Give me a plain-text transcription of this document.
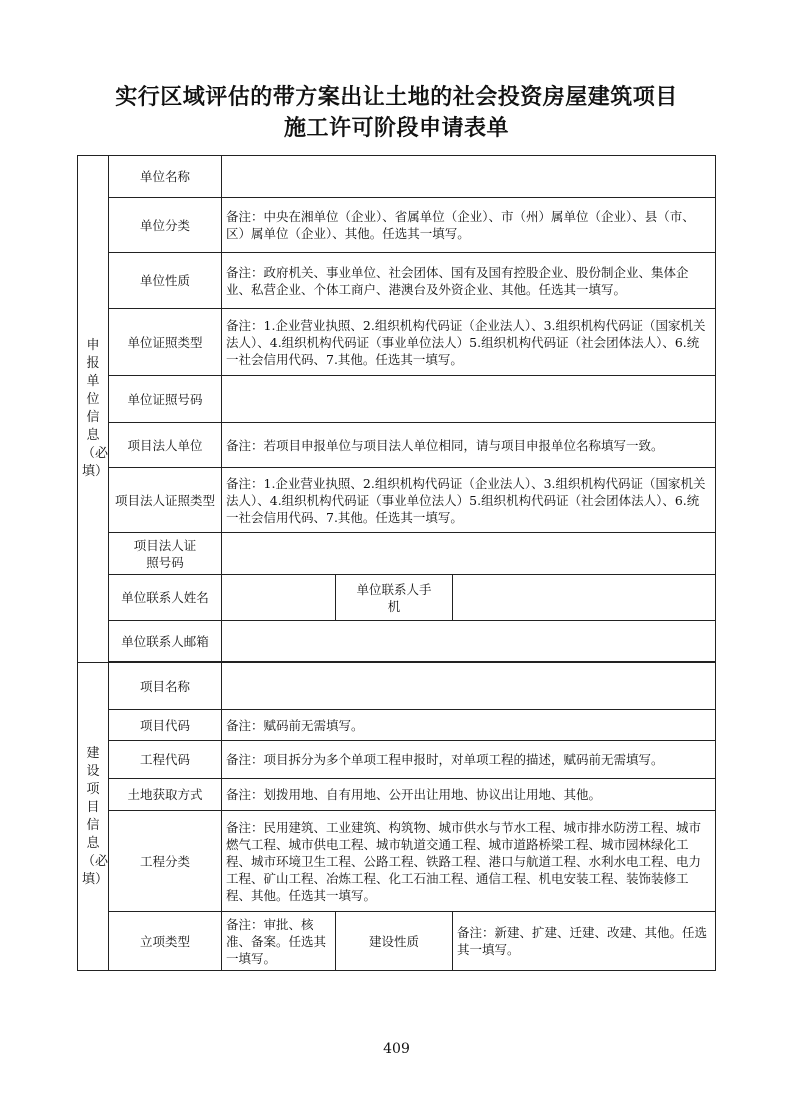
实行区域评估的带方案出让土地的社会投资房屋建筑项目
施工许可阶段申请表单
申报单位信息（必填）	单位名称			
	单位分类	备注：中央在湘单位（企业）、省属单位（企业）、市（州）属单位（企业）、县（市、区）属单位（企业）、其他。任选其一填写。		
	单位性质	备注：政府机关、事业单位、社会团体、国有及国有控股企业、股份制企业、集体企业、私营企业、个体工商户、港澳台及外资企业、其他。任选其一填写。		
	单位证照类型	备注：1.企业营业执照、2.组织机构代码证（企业法人）、3.组织机构代码证（国家机关法人）、4.组织机构代码证（事业单位法人）5.组织机构代码证（社会团体法人）、6.统一社会信用代码、7.其他。任选其一填写。		
	单位证照号码			
	项目法人单位	备注：若项目申报单位与项目法人单位相同，请与项目申报单位名称填写一致。		
	项目法人证照类型	备注：1.企业营业执照、2.组织机构代码证（企业法人）、3.组织机构代码证（国家机关法人）、4.组织机构代码证（事业单位法人）5.组织机构代码证（社会团体法人）、6.统一社会信用代码、7.其他。任选其一填写。		

	项目法人证照号码			

	单位联系人姓名		单位联系人手机	

	单位联系人邮箱			

建设项目信息（必填）	项目名称			
	项目代码	备注：赋码前无需填写。		
	工程代码	备注：项目拆分为多个单项工程申报时，对单项工程的描述，赋码前无需填写。		
	土地获取方式	备注：划拨用地、自有用地、公开出让用地、协议出让用地、其他。		
	工程分类	备注：民用建筑、工业建筑、构筑物、城市供水与节水工程、城市排水防涝工程、城市燃气工程、城市供电工程、城市轨道交通工程、城市道路桥梁工程、城市园林绿化工程、城市环境卫生工程、公路工程、铁路工程、港口与航道工程、水利水电工程、电力工程、矿山工程、冶炼工程、化工石油工程、通信工程、机电安装工程、装饰装修工程、其他。任选其一填写。		
	立项类型	备注：审批、核准、备案。任选其一填写。	建设性质	备注：新建、扩建、迁建、改建、其他。任选其一填写。
409
